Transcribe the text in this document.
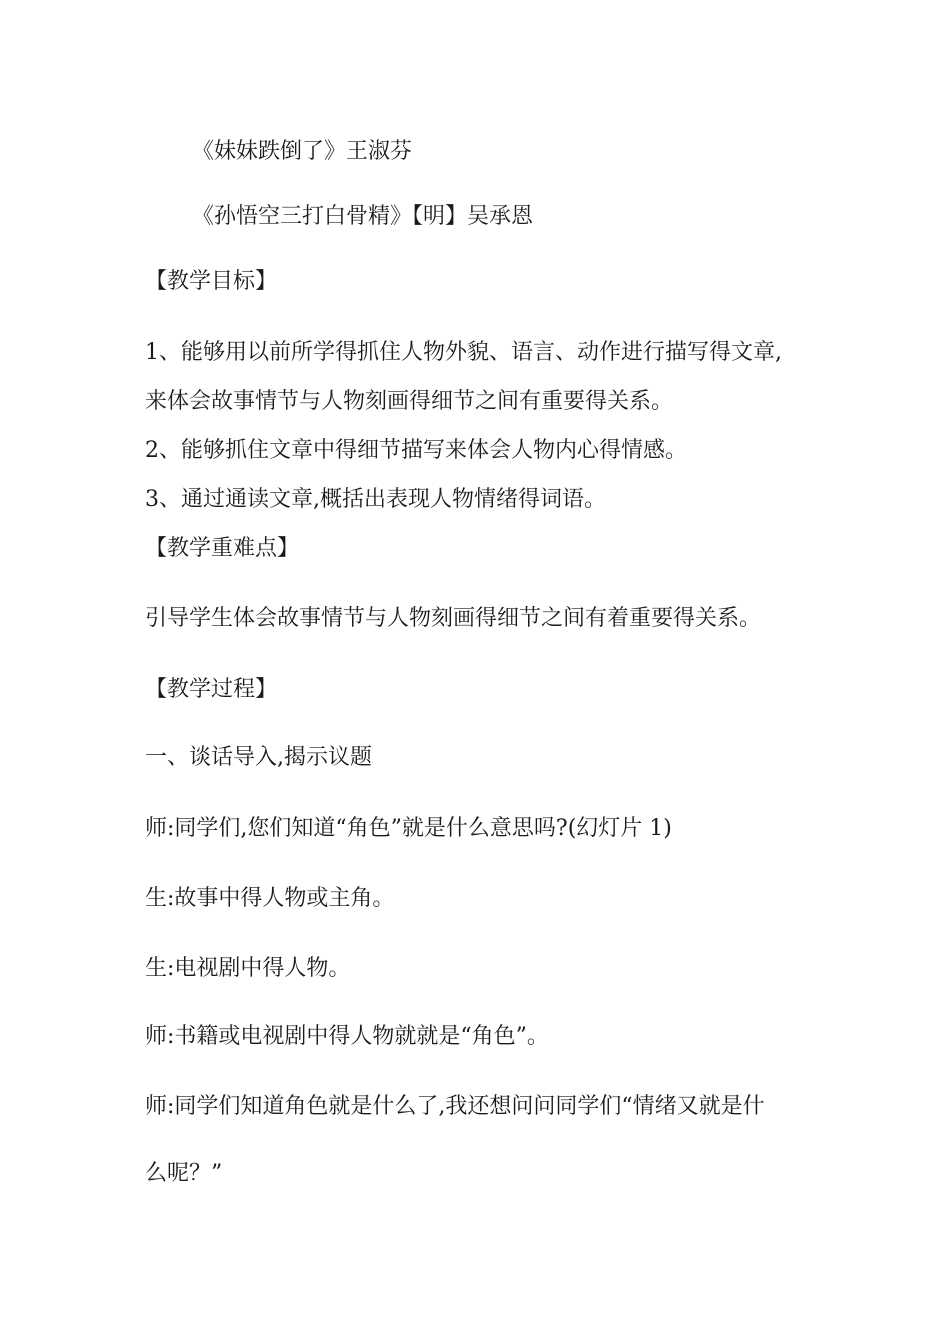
《妹妹跌倒了》王淑芬
《孙悟空三打白骨精》【明】吴承恩
【教学目标】
1、能够用以前所学得抓住人物外貌、语言、动作进行描写得文章,
来体会故事情节与人物刻画得细节之间有重要得关系。
2、能够抓住文章中得细节描写来体会人物内心得情感。
3、通过通读文章,概括出表现人物情绪得词语。
【教学重难点】
引导学生体会故事情节与人物刻画得细节之间有着重要得关系。
【教学过程】
一、谈话导入,揭示议题
师:同学们,您们知道“角色”就是什么意思吗?(幻灯片 1)
生:故事中得人物或主角。
生:电视剧中得人物。
师:书籍或电视剧中得人物就就是“角色”。
师:同学们知道角色就是什么了,我还想问问同学们“情绪又就是什
么呢？”
